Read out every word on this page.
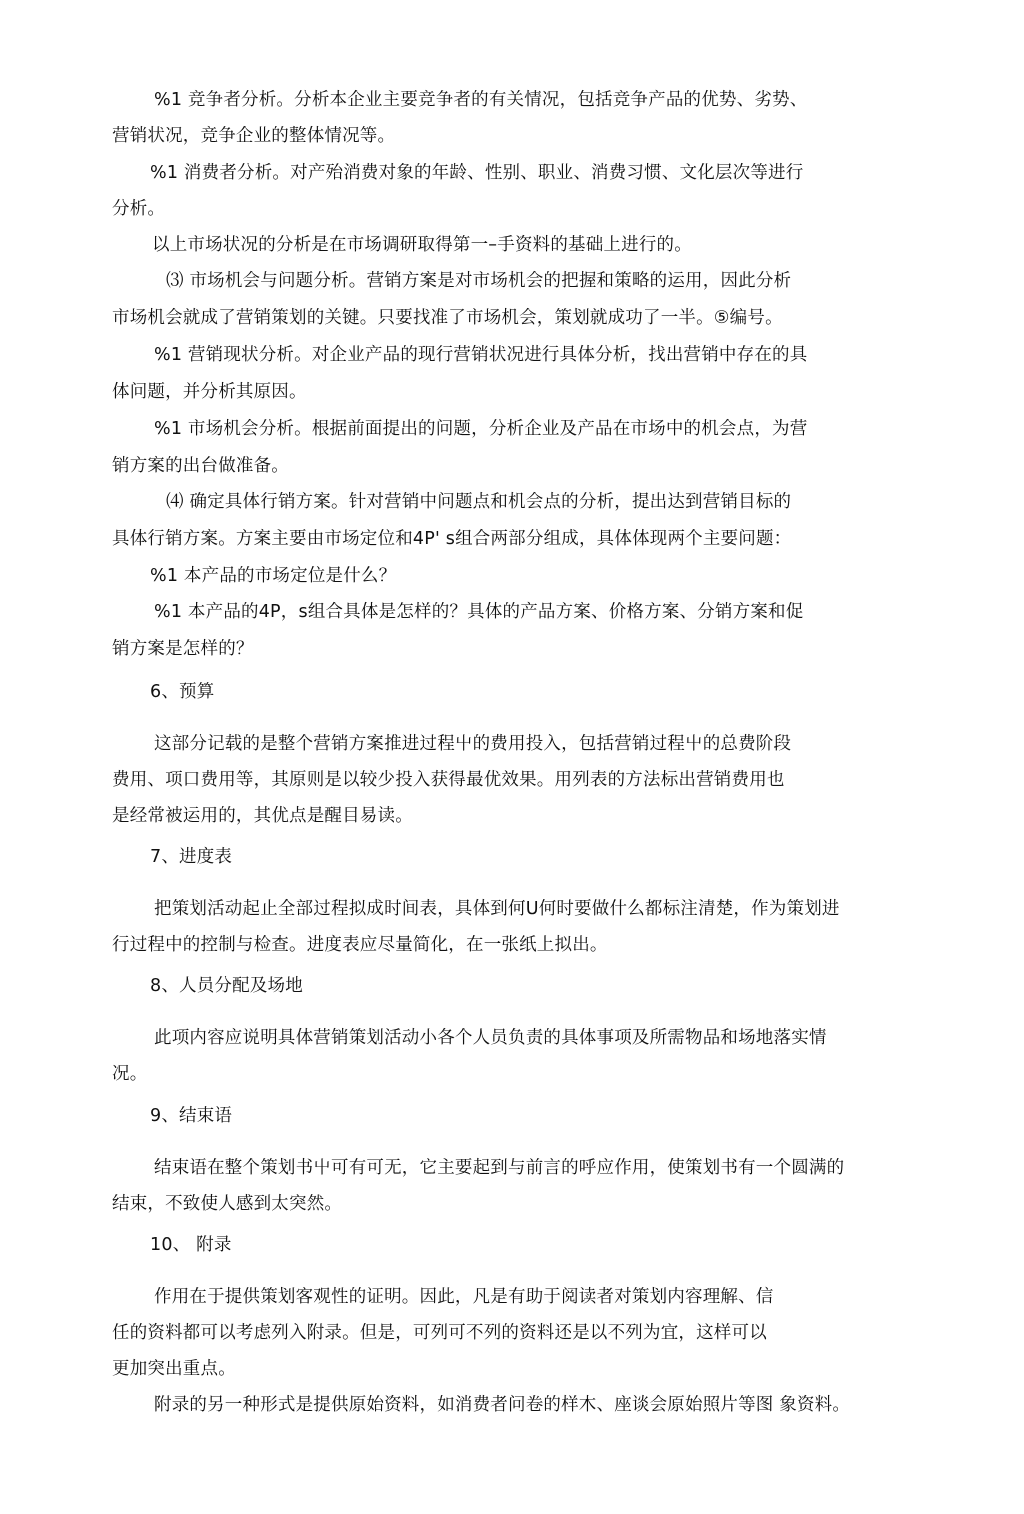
%1 竞争者分析。分析本企业主要竞争者的有关情况，包括竞争产品的优势、劣势、
营销状况，竞争企业的整体情况等。
%1 消费者分析。对产殆消费对象的年龄、性别、职业、消费习惯、文化层次等进行
分析。
以上市场状况的分析是在市场调研取得第一–手资料的基础上进行的。
⑶ 市场机会与问题分析。营销方案是对市场机会的把握和策略的运用，因此分析
市场机会就成了营销策划的关键。只要找准了市场机会，策划就成功了一半。⑤编号。
%1 营销现状分析。对企业产品的现行营销状况进行具体分析，找出营销中存在的具
体问题，并分析其原因。
%1 市场机会分析。根据前面提出的问题，分析企业及产品在市场中的机会点，为营
销方案的出台做准备。
⑷ 确定具体行销方案。针对营销中问题点和机会点的分析，提出达到营销目标的
具体行销方案。方案主要由市场定位和4P' s组合两部分组成，具体体现两个主要问题：
%1 本产品的市场定位是什么？
%1 本产品的4P，s组合具体是怎样的？具体的产品方案、价格方案、分销方案和促
销方案是怎样的？
6、预算
这部分记载的是整个营销方案推进过程屮的费用投入，包括营销过程屮的总费阶段
费用、项口费用等，其原则是以较少投入获得最优效果。用列表的方法标出营销费用也
是经常被运用的，其优点是醒目易读。
7、进度表
把策划活动起止全部过程拟成时间表，具体到何U何时要做什么都标注清楚，作为策划进
行过程中的控制与检查。进度表应尽量简化，在一张纸上拟出。
8、人员分配及场地
此项内容应说明具体营销策划活动小各个人员负责的具体事项及所需物品和场地落实情
况。
9、结束语
结束语在整个策划书屮可有可无，它主要起到与前言的呼应作用，使策划书有一个圆满的
结束，不致使人感到太突然。
10、 附录
作用在于提供策划客观性的证明。因此，凡是有助于阅读者对策划内容理解、信
任的资料都可以考虑列入附录。但是，可列可不列的资料还是以不列为宜，这样可以
更加突出重点。
附录的另一种形式是提供原始资料，如消费者问卷的样木、座谈会原始照片等图 象资料。
